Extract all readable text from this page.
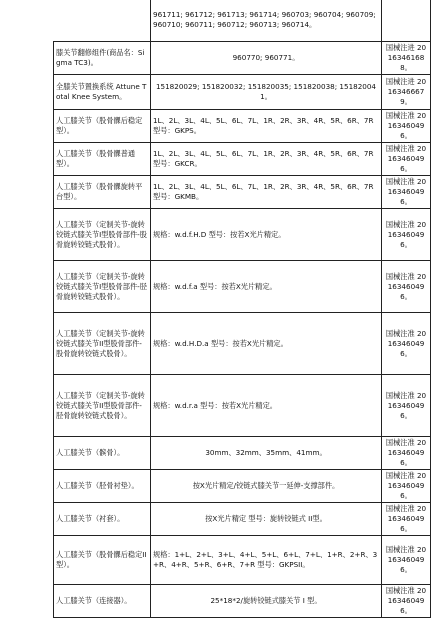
	961711; 961712; 961713; 961714; 960703; 960704; 960709; 960710; 960711; 960712; 960713; 960714。	
膝关节翻修组件(商品名：Sigma TC3)。	960770; 960771。	国械注进 20163461688。
全膝关节置换系统 Attune Total Knee System。	151820029; 151820032; 151820035; 151820038; 151820041。	国械注进 20163466679。
人工膝关节（股骨髁后稳定型）。	1L、2L、3L、4L、5L、6L、7L、1R、2R、3R、4R、5R、6R、7R 型号：GKPS。	国械注准 20163460496。
人工膝关节（股骨髁普通型）。	1L、2L、3L、4L、5L、6L、7L、1R、2R、3R、4R、5R、6R、7R 型号：GKCR。	国械注准 20163460496。
人工膝关节（股骨髁旋转平台型）。	1L、2L、3L、4L、5L、6L、7L、1R、2R、3R、4R、5R、6R、7R 型号：GKMB。	国械注准 20163460496。
人工膝关节（定制关节-旋转铰链式膝关节I型股骨部件-股骨旋转铰链式股骨）。	规格：w.d.f.H.D 型号：按若X光片精定。	国械注准 20163460496。
人工膝关节（定制关节-旋转铰链式膝关节I型股骨部件-胫骨旋转铰链式股骨）。	规格：w.d.f.a 型号：按若X光片精定。	国械注准 20163460496。
人工膝关节（定制关节-旋转铰链式膝关节II型股骨部件-股骨旋转铰链式股骨）。	规格：w.d.H.D.a 型号：按若X光片精定。	国械注准 20163460496。
人工膝关节（定制关节-旋转铰链式膝关节II型股骨部件-胫骨旋转铰链式股骨）。	规格：w.d.r.a 型号：按若X光片精定。	国械注准 20163460496。
人工膝关节（髌骨）。	30mm、32mm、35mm、41mm。	国械注准 20163460496。
人工膝关节（胫骨衬垫）。	按X光片精定/铰链式膝关节一延伸-支撑部件。	国械注准 20163460496。
人工膝关节（衬套）。	按X光片精定 型号：旋转铰链式 II型。	国械注准 20163460496。
人工膝关节（股骨髁后稳定II型）。	规格：1+L、2+L、3+L、4+L、5+L、6+L、7+L、1+R、2+R、3+R、4+R、5+R、6+R、7+R 型号：GKPSII。	国械注准 20163460496。
人工膝关节（连接器）。	25*18*2/旋转铰链式膝关节 I 型。	国械注准 20163460496。
